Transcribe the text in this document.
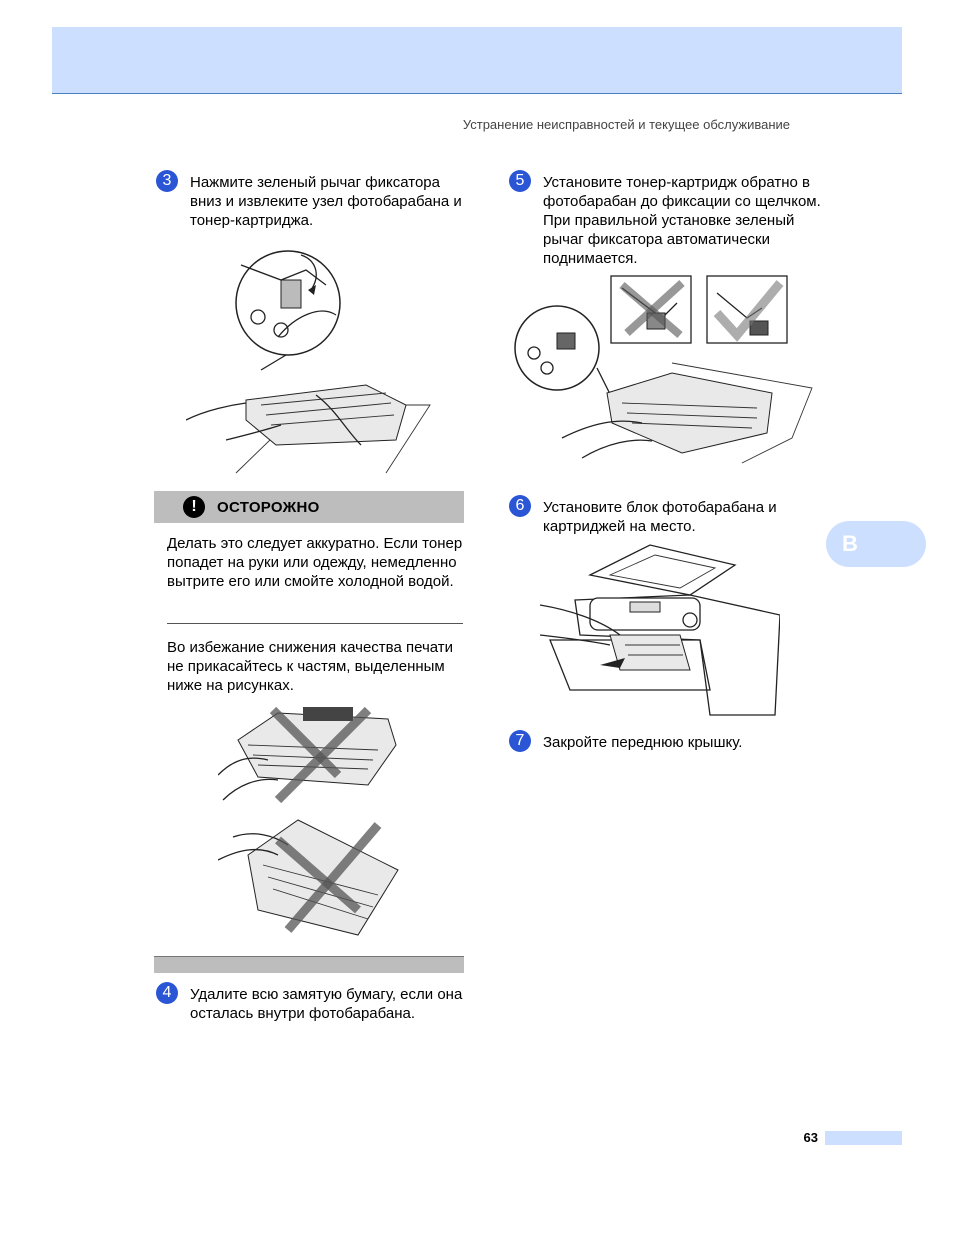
Устранение неисправностей и текущее обслуживание
3	Нажмите зеленый рычаг фиксатора вниз и извлеките узел фотобарабана и тонер-картриджа.
!	ОСТОРОЖНО
Делать это следует аккуратно. Если тонер попадет на руки или одежду, немедленно вытрите его или смойте холодной водой.
Во избежание снижения качества печати не прикасайтесь к частям, выделенным ниже на рисунках.
4	Удалите всю замятую бумагу, если она осталась внутри фотобарабана.
5	Установите тонер-картридж обратно в фотобарабан до фиксации со щелчком. При правильной установке зеленый рычаг фиксатора автоматически поднимается.
6	Установите блок фотобарабана и картриджей на место.
7	Закройте переднюю крышку.
B
63
